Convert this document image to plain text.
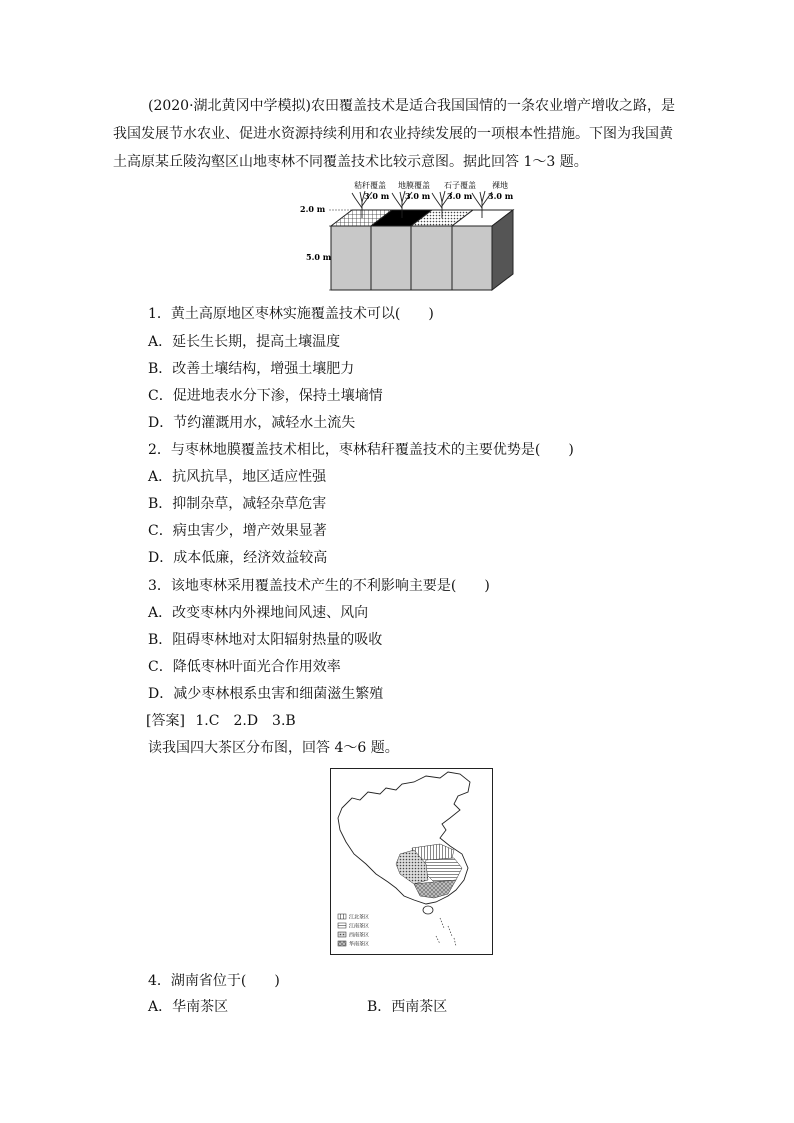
(2020·湖北黄冈中学模拟)农田覆盖技术是适合我国国情的一条农业增产增收之路，是
我国发展节水农业、促进水资源持续利用和农业持续发展的一项根本性措施。下图为我国黄
土高原某丘陵沟壑区山地枣林不同覆盖技术比较示意图。据此回答 1～3 题。
秸秆覆盖 地膜覆盖 石子覆盖 裸地
3.0 m 3.0 m 3.0 m 3.0 m
2.0 m
5.0 m
1．黄土高原地区枣林实施覆盖技术可以(　　)
A．延长生长期，提高土壤温度
B．改善土壤结构，增强土壤肥力
C．促进地表水分下渗，保持土壤墒情
D．节约灌溉用水，减轻水土流失
2．与枣林地膜覆盖技术相比，枣林秸秆覆盖技术的主要优势是(　　)
A．抗风抗旱，地区适应性强
B．抑制杂草，减轻杂草危害
C．病虫害少，增产效果显著
D．成本低廉，经济效益较高
3．该地枣林采用覆盖技术产生的不利影响主要是(　　)
A．改变枣林内外裸地间风速、风向
B．阻碍枣林地对太阳辐射热量的吸收
C．降低枣林叶面光合作用效率
D．减少枣林根系虫害和细菌滋生繁殖
[答案] 1.C　2.D　3.B
读我国四大茶区分布图，回答 4～6 题。
江北茶区
江南茶区
西南茶区
华南茶区
4．湖南省位于(　　)
A．华南茶区	B．西南茶区
